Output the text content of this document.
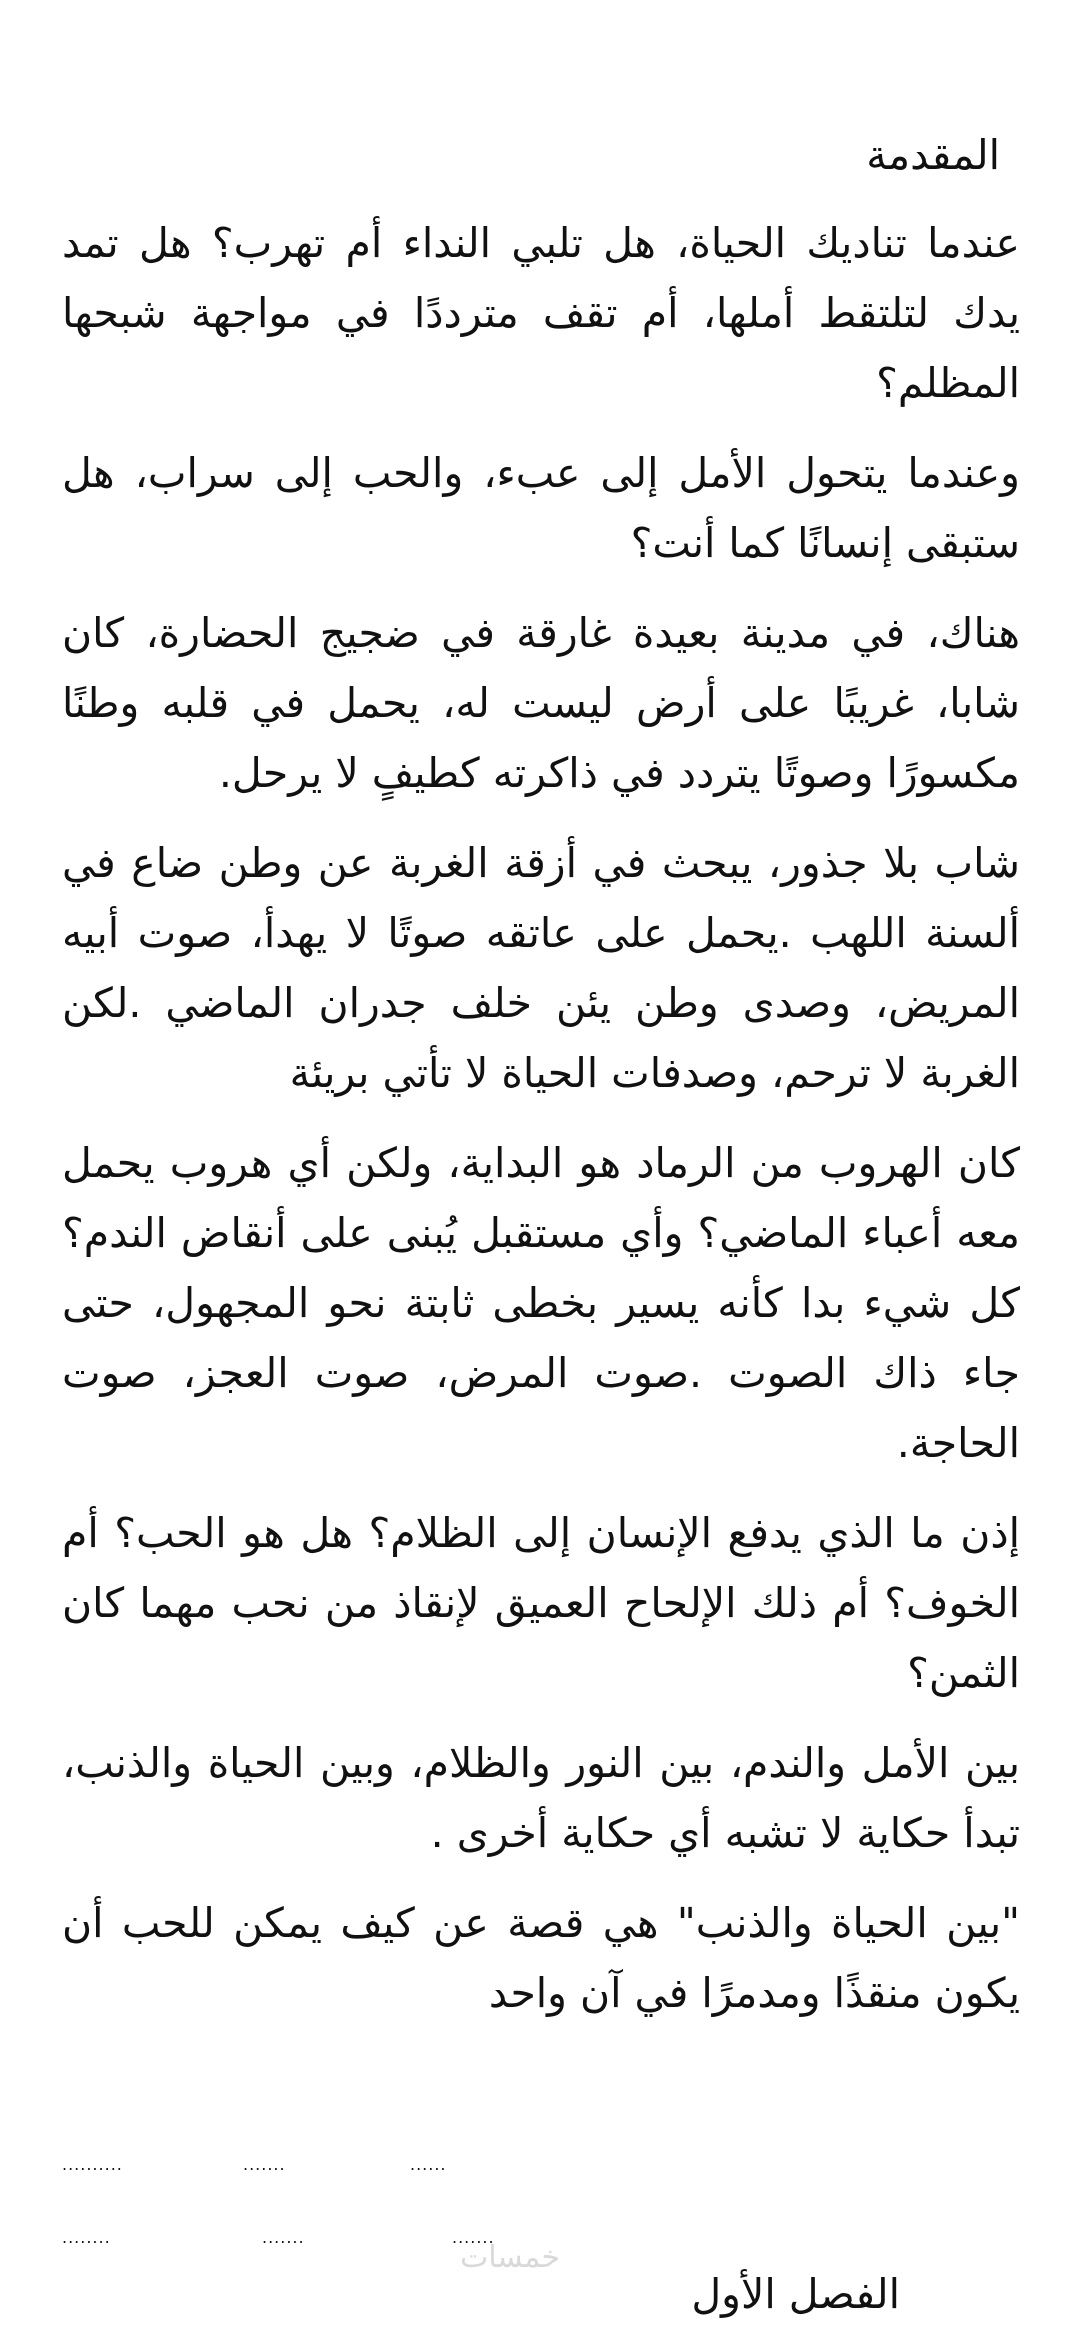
المقدمة
عندما تناديك الحياة، هل تلبي النداء أم تهرب؟ هل تمد يدك لتلتقط أملها، أم تقف مترددًا في مواجهة شبحها المظلم؟
وعندما يتحول الأمل إلى عبء، والحب إلى سراب، هل ستبقى إنسانًا كما أنت؟
هناك، في مدينة بعيدة غارقة في ضجيج الحضارة، كان شابا، غريبًا على أرض ليست له، يحمل في قلبه وطنًا مكسورًا وصوتًا يتردد في ذاكرته كطيفٍ لا يرحل.
شاب بلا جذور، يبحث في أزقة الغربة عن وطن ضاع في ألسنة اللهب .يحمل على عاتقه صوتًا لا يهدأ، صوت أبيه المريض، وصدى وطن يئن خلف جدران الماضي .لكن الغربة لا ترحم، وصدفات الحياة لا تأتي بريئة
كان الهروب من الرماد هو البداية، ولكن أي هروب يحمل معه أعباء الماضي؟ وأي مستقبل يُبنى على أنقاض الندم؟ كل شيء بدا كأنه يسير بخطى ثابتة نحو المجهول، حتى جاء ذاك الصوت .صوت المرض، صوت العجز، صوت الحاجة.
إذن ما الذي يدفع الإنسان إلى الظلام؟ هل هو الحب؟ أم الخوف؟ أم ذلك الإلحاح العميق لإنقاذ من نحب مهما كان الثمن؟
بين الأمل والندم، بين النور والظلام، وبين الحياة والذنب، تبدأ حكاية لا تشبه أي حكاية أخرى .
"بين الحياة والذنب" هي قصة عن كيف يمكن للحب أن يكون منقذًا ومدمرًا في آن واحد
..........	.......	......
........	.......	.......
خمسات
الفصل الأول
